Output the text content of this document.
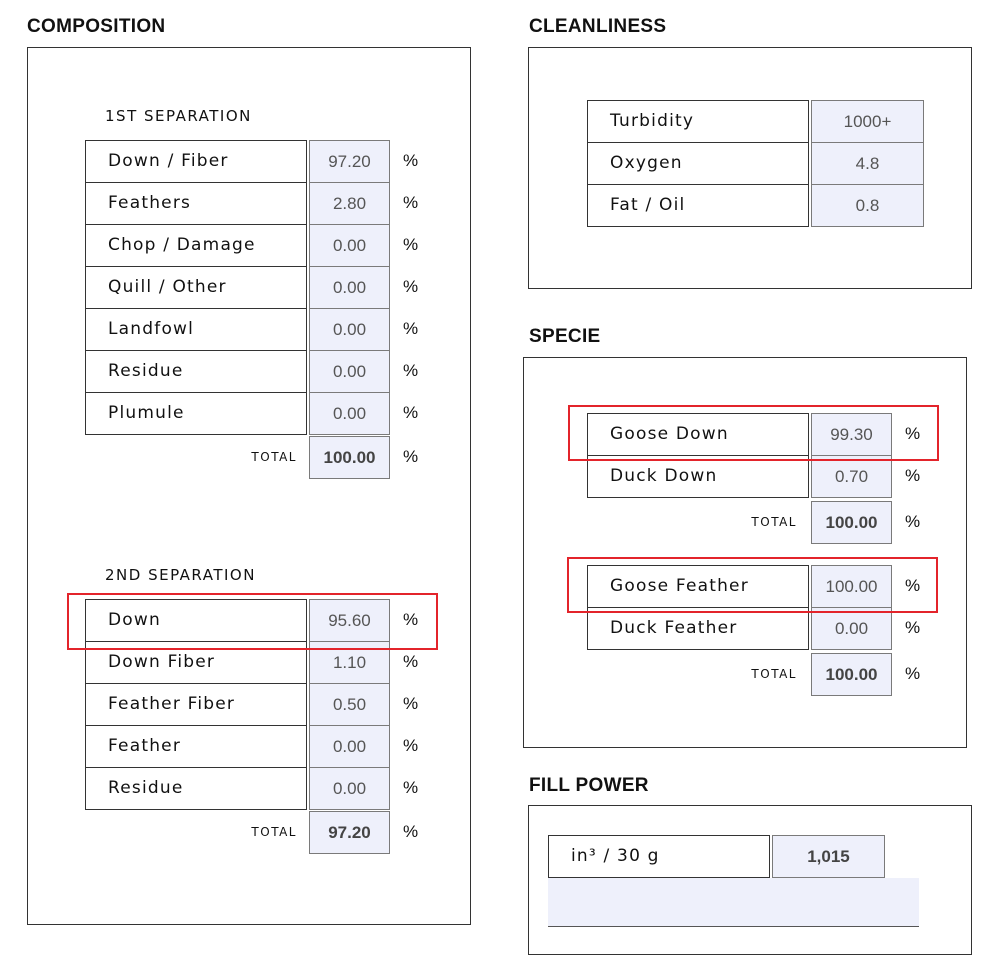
COMPOSITION
1ST SEPARATION
Down / Fiber	97.20	%
Feathers	2.80	%
Chop / Damage	0.00	%
Quill / Other	0.00	%
Landfowl	0.00	%
Residue	0.00	%
Plumule	0.00	%
TOTAL	100.00	%
2ND SEPARATION
Down	95.60	%
Down Fiber	1.10	%
Feather Fiber	0.50	%
Feather	0.00	%
Residue	0.00	%
TOTAL	97.20	%
CLEANLINESS
Turbidity	1000+
Oxygen	4.8
Fat / Oil	0.8
SPECIE
Goose Down	99.30	%
Duck Down	0.70	%
TOTAL	100.00	%
Goose Feather	100.00	%
Duck Feather	0.00	%
TOTAL	100.00	%
FILL POWER
in³ / 30 g	1,015
